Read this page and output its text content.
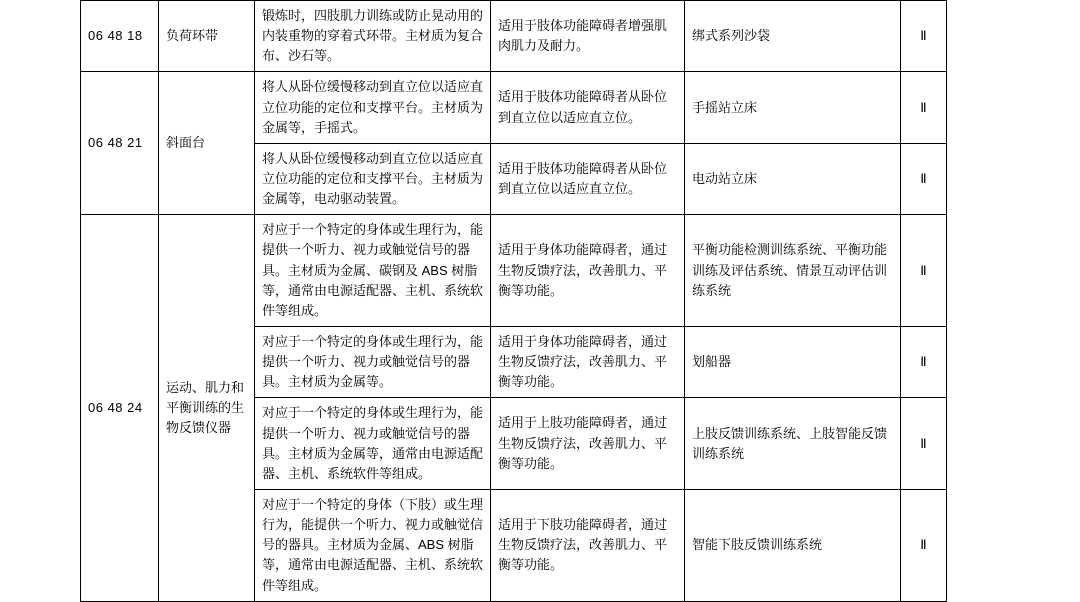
06 48 18	负荷环带	锻炼时，四肢肌力训练或防止晃动用的内装重物的穿着式环带。主材质为复合布、沙石等。	适用于肢体功能障碍者增强肌肉肌力及耐力。	绑式系列沙袋	Ⅱ
06 48 21	斜面台	将人从卧位缓慢移动到直立位以适应直立位功能的定位和支撑平台。主材质为金属等，手摇式。	适用于肢体功能障碍者从卧位到直立位以适应直立位。	手摇站立床	Ⅱ
		将人从卧位缓慢移动到直立位以适应直立位功能的定位和支撑平台。主材质为金属等，电动驱动装置。	适用于肢体功能障碍者从卧位到直立位以适应直立位。	电动站立床	Ⅱ
06 48 24	运动、肌力和平衡训练的生物反馈仪器	对应于一个特定的身体或生理行为，能提供一个听力、视力或触觉信号的器具。主材质为金属、碳钢及 ABS 树脂等，通常由电源适配器、主机、系统软件等组成。	适用于身体功能障碍者，通过生物反馈疗法，改善肌力、平衡等功能。	平衡功能检测训练系统、平衡功能训练及评估系统、情景互动评估训练系统	Ⅱ
		对应于一个特定的身体或生理行为，能提供一个听力、视力或触觉信号的器具。主材质为金属等。	适用于身体功能障碍者，通过生物反馈疗法，改善肌力、平衡等功能。	划船器	Ⅱ
		对应于一个特定的身体或生理行为，能提供一个听力、视力或触觉信号的器具。主材质为金属等，通常由电源适配器、主机、系统软件等组成。	适用于上肢功能障碍者，通过生物反馈疗法，改善肌力、平衡等功能。	上肢反馈训练系统、上肢智能反馈训练系统	Ⅱ
		对应于一个特定的身体（下肢）或生理行为，能提供一个听力、视力或触觉信号的器具。主材质为金属、ABS 树脂等，通常由电源适配器、主机、系统软件等组成。	适用于下肢功能障碍者，通过生物反馈疗法，改善肌力、平衡等功能。	智能下肢反馈训练系统	Ⅱ
